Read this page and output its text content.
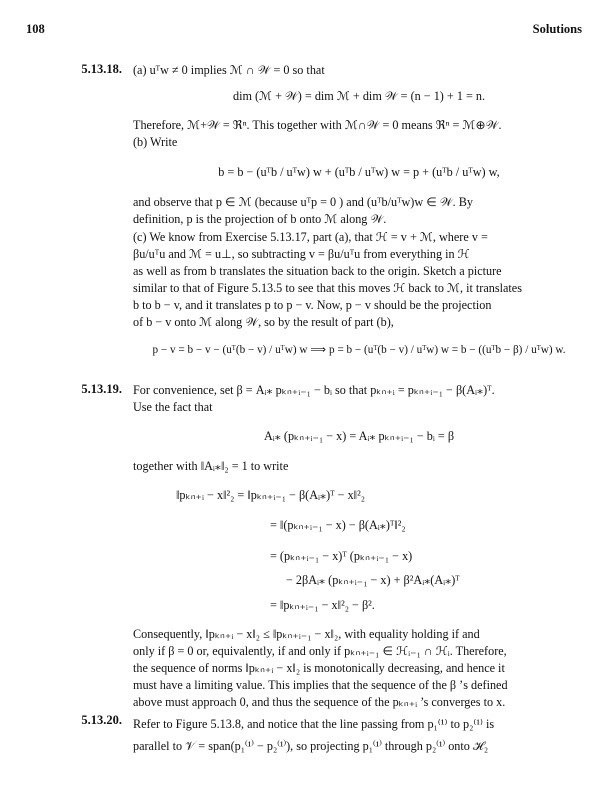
108	Solutions
5.13.18. (a) uᵀw ≠ 0 implies ℳ ∩ 𝒲 = 0 so that
dim (ℳ + 𝒲) = dim ℳ + dim 𝒲 = (n − 1) + 1 = n.
Therefore, ℳ+𝒲 = ℜⁿ. This together with ℳ∩𝒲 = 0 means ℜⁿ = ℳ⊕𝒲.
(b) Write
b = b − (uᵀb / uᵀw) w + (uᵀb / uᵀw) w = p + (uᵀb / uᵀw) w,
and observe that p ∈ ℳ (because uᵀp = 0 ) and (uᵀb/uᵀw)w ∈ 𝒲. By
definition, p is the projection of b onto ℳ along 𝒲.
(c) We know from Exercise 5.13.17, part (a), that ℋ = v + ℳ, where v =
βu/uᵀu and ℳ = u⊥, so subtracting v = βu/uᵀu from everything in ℋ
as well as from b translates the situation back to the origin. Sketch a picture
similar to that of Figure 5.13.5 to see that this moves ℋ back to ℳ, it translates
b to b − v, and it translates p to p − v. Now, p − v should be the projection
of b − v onto ℳ along 𝒲, so by the result of part (b),
p − v = b − v − (uᵀ(b − v) / uᵀw) w ⟹ p = b − (uᵀ(b − v) / uᵀw) w = b − ((uᵀb − β) / uᵀw) w.
5.13.19. For convenience, set β = Aᵢ⁎ pₖₙ₊ᵢ₋₁ − bᵢ so that pₖₙ₊ᵢ = pₖₙ₊ᵢ₋₁ − β(Aᵢ⁎)ᵀ.
Use the fact that
Aᵢ⁎ (pₖₙ₊ᵢ₋₁ − x) = Aᵢ⁎ pₖₙ₊ᵢ₋₁ − bᵢ = β
together with ‖Aᵢ⁎‖₂ = 1 to write
‖pₖₙ₊ᵢ − x‖²₂ = ‖pₖₙ₊ᵢ₋₁ − β(Aᵢ⁎)ᵀ − x‖²₂
= ‖(pₖₙ₊ᵢ₋₁ − x) − β(Aᵢ⁎)ᵀ‖²₂
= (pₖₙ₊ᵢ₋₁ − x)ᵀ (pₖₙ₊ᵢ₋₁ − x)
− 2βAᵢ⁎ (pₖₙ₊ᵢ₋₁ − x) + β²Aᵢ⁎(Aᵢ⁎)ᵀ
= ‖pₖₙ₊ᵢ₋₁ − x‖²₂ − β².
Consequently, ‖pₖₙ₊ᵢ − x‖₂ ≤ ‖pₖₙ₊ᵢ₋₁ − x‖₂, with equality holding if and
only if β = 0 or, equivalently, if and only if pₖₙ₊ᵢ₋₁ ∈ ℋᵢ₋₁ ∩ ℋᵢ. Therefore,
the sequence of norms ‖pₖₙ₊ᵢ − x‖₂ is monotonically decreasing, and hence it
must have a limiting value. This implies that the sequence of the β ’s defined
above must approach 0, and thus the sequence of the pₖₙ₊ᵢ ’s converges to x.
5.13.20. Refer to Figure 5.13.8, and notice that the line passing from p₁⁽¹⁾ to p₂⁽¹⁾ is
parallel to 𝒱 = span(p₁⁽¹⁾ − p₂⁽¹⁾), so projecting p₁⁽¹⁾ through p₂⁽¹⁾ onto ℋ₂
